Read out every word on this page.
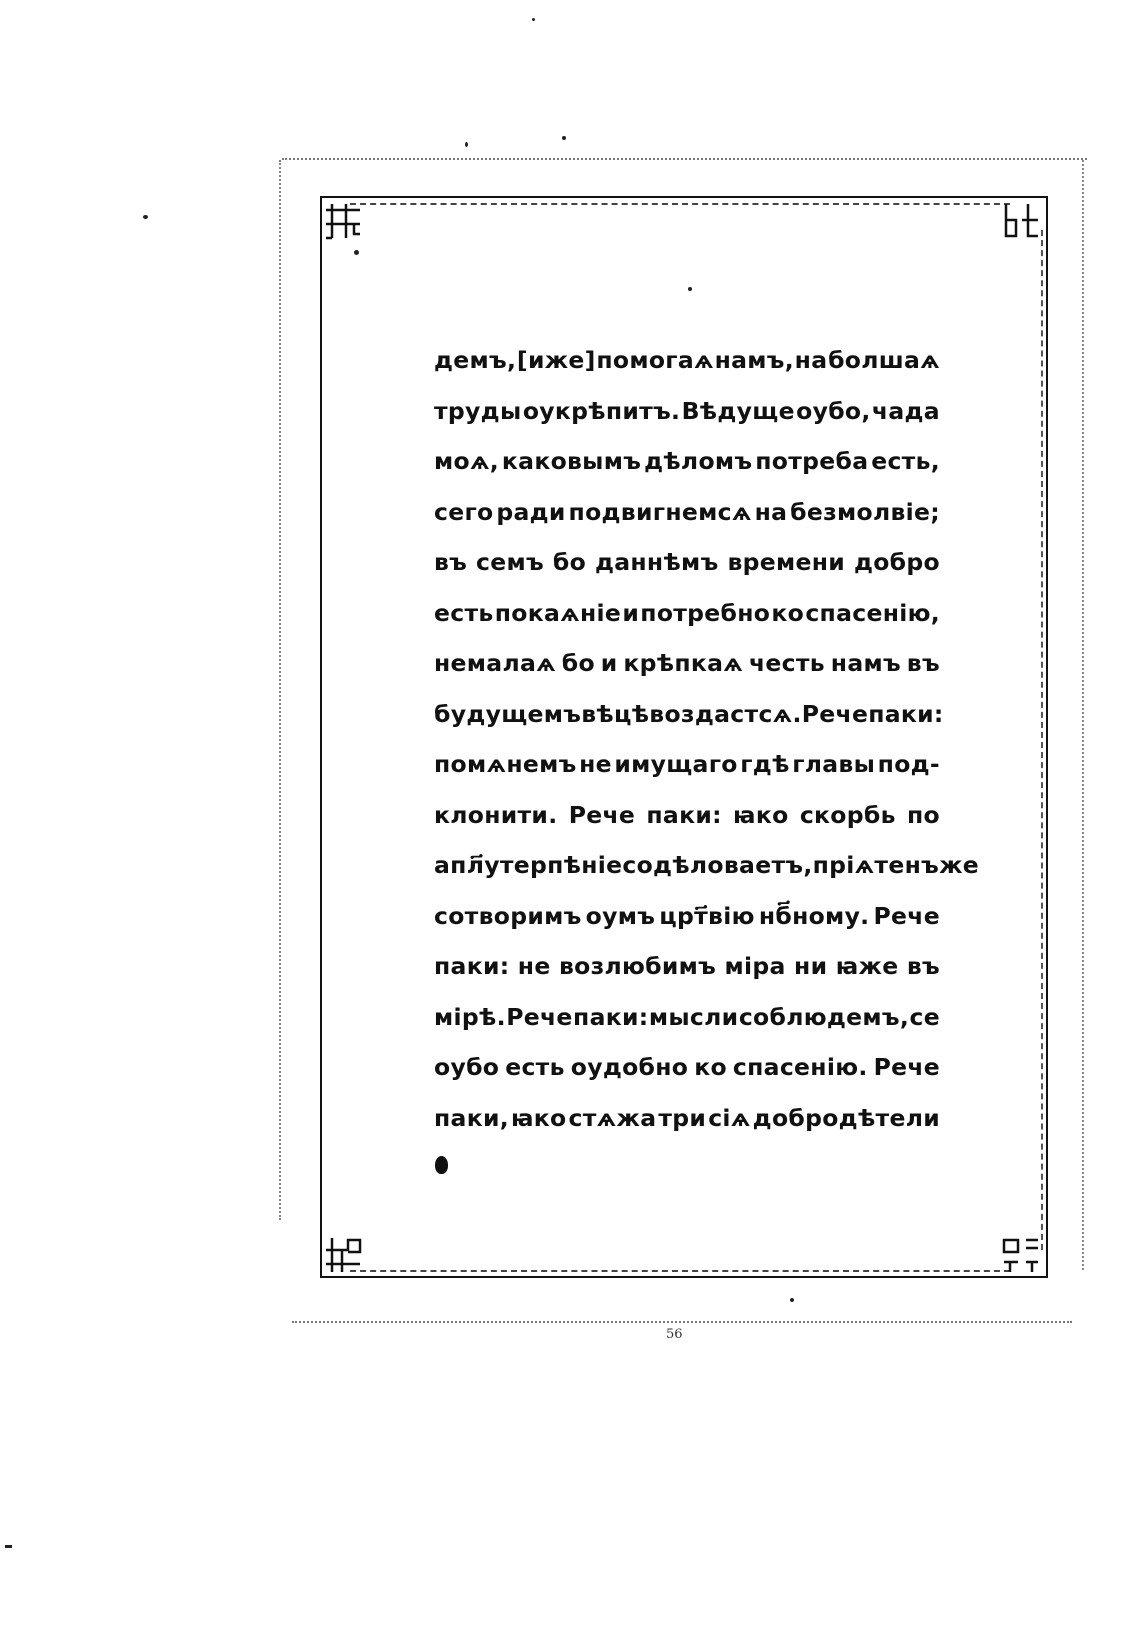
демъ, [иже] помогаѧ намъ, на болшаѧ
труды оукрѣпитъ. Вѣдуще оубо, чада
моѧ, каковымъ дѣломъ потреба есть,
сего ради подвигнемсѧ на безмолвіе;
въ семъ бо даннѣмъ времени добро
есть покаѧніе и потребно ко спасенію,
немалаѧ бо и крѣпкаѧ честь намъ въ
будущемъ вѣцѣ воздастсѧ. Рече паки:
помѧнемъ не имущаго гдѣ главы под-
клонити. Рече паки: ꙗко скорбь по
апл҃у терпѣніе содѣловаетъ, пріѧтенъ же
сотворимъ оумъ црт҃вію нб҃ному. Рече
паки: не возлюбимъ міра ни ꙗже въ
мірѣ. Рече паки: мысли соблюдемъ, се
оубо есть оудобно ко спасенію. Рече
паки, ꙗко стѧжа три сіѧ добродѣтели
56
